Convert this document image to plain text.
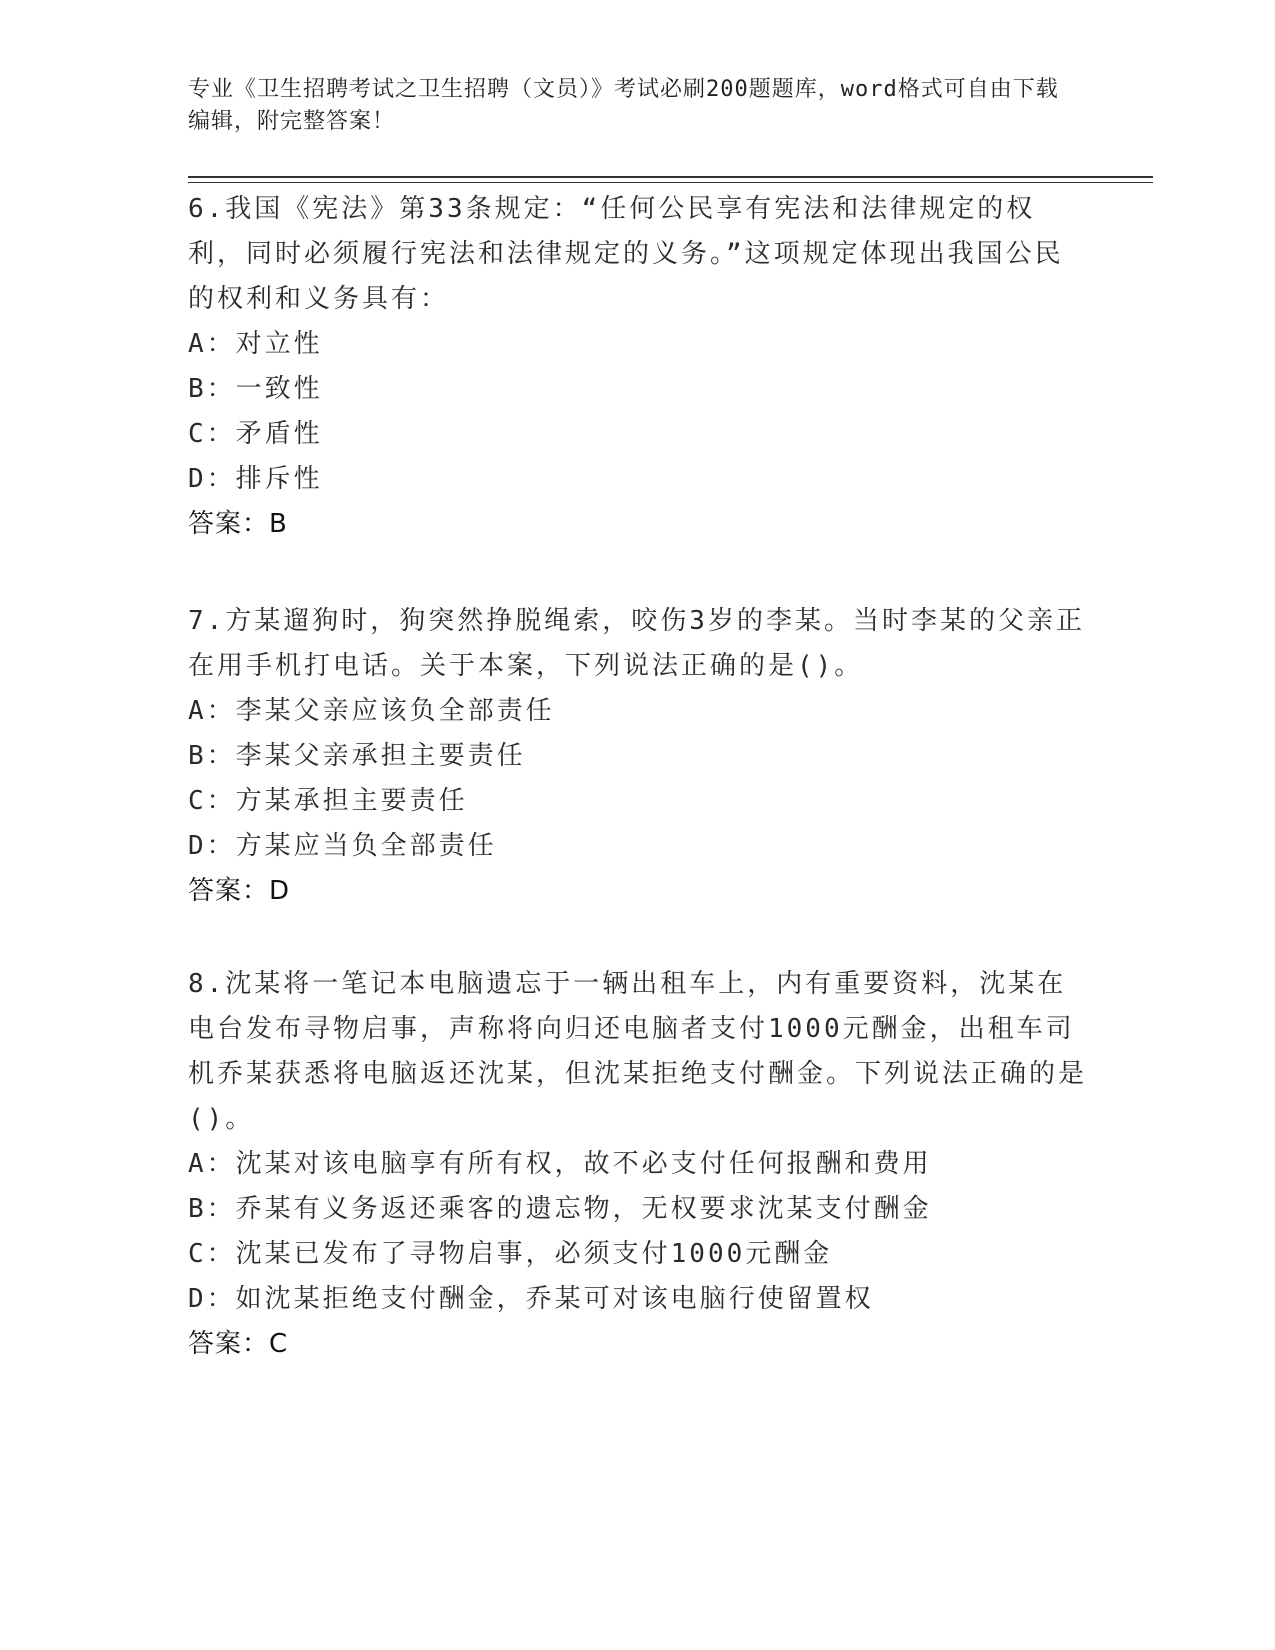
专业《卫生招聘考试之卫生招聘（文员）》考试必刷200题题库，word格式可自由下载编辑，附完整答案！

6.我国《宪法》第33条规定：“任何公民享有宪法和法律规定的权利，同时必须履行宪法和法律规定的义务。”这项规定体现出我国公民的权利和义务具有：

A：对立性

B：一致性

C：矛盾性

D：排斥性

答案：B

7.方某遛狗时，狗突然挣脱绳索，咬伤3岁的李某。当时李某的父亲正在用手机打电话。关于本案，下列说法正确的是()。

A：李某父亲应该负全部责任

B：李某父亲承担主要责任

C：方某承担主要责任

D：方某应当负全部责任

答案：D

8.沈某将一笔记本电脑遗忘于一辆出租车上，内有重要资料，沈某在电台发布寻物启事，声称将向归还电脑者支付1000元酬金，出租车司机乔某获悉将电脑返还沈某，但沈某拒绝支付酬金。下列说法正确的是()。

A：沈某对该电脑享有所有权，故不必支付任何报酬和费用

B：乔某有义务返还乘客的遗忘物，无权要求沈某支付酬金

C：沈某已发布了寻物启事，必须支付1000元酬金

D：如沈某拒绝支付酬金，乔某可对该电脑行使留置权

答案：C
